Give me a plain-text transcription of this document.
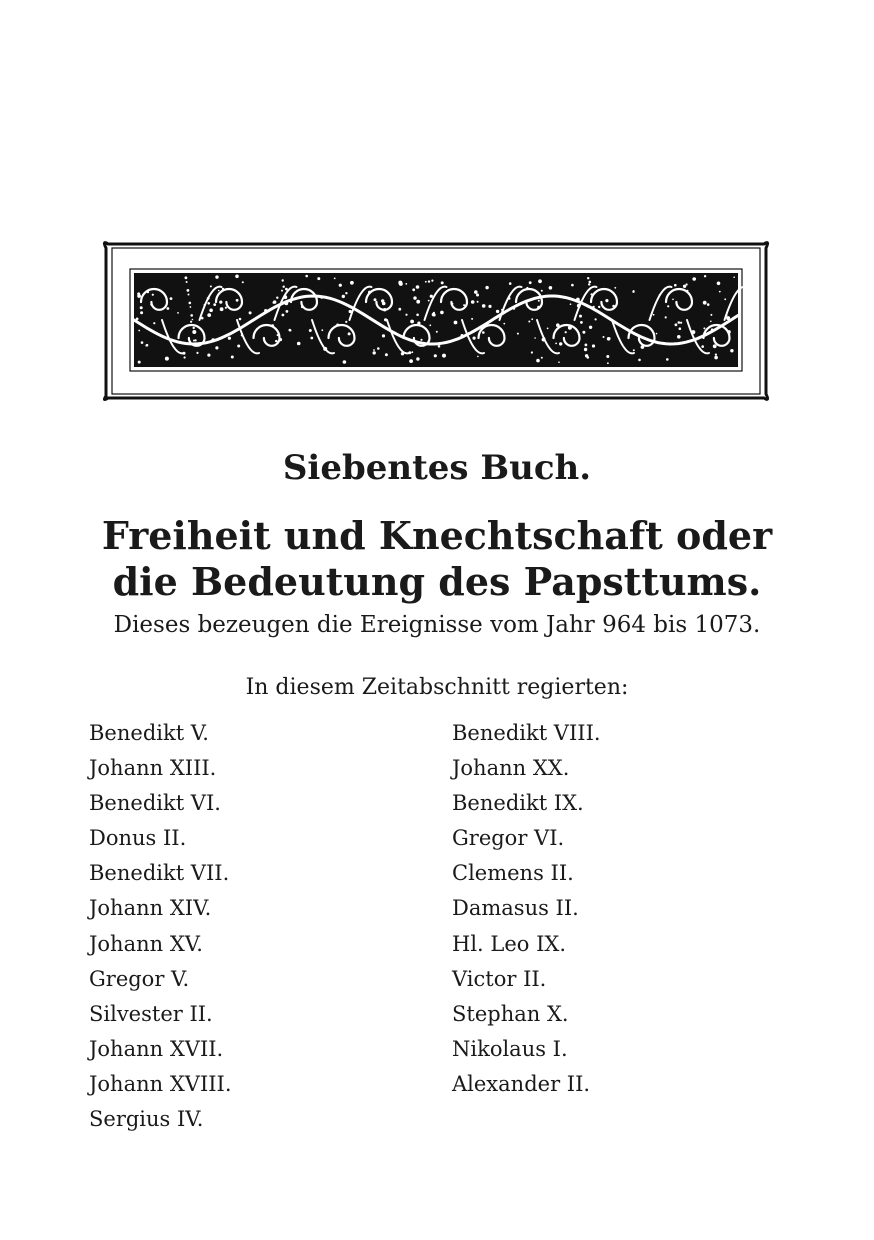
Siebentes Buch.
Freiheit und Knechtschaft oder
die Bedeutung des Papsttums.
Dieses bezeugen die Ereignisse vom Jahr 964 bis 1073.
In diesem Zeitabschnitt regierten:
Benedikt V.
Johann XIII.
Benedikt VI.
Donus II.
Benedikt VII.
Johann XIV.
Johann XV.
Gregor V.
Silvester II.
Johann XVII.
Johann XVIII.
Sergius IV.
Benedikt VIII.
Johann XX.
Benedikt IX.
Gregor VI.
Clemens II.
Damasus II.
Hl. Leo IX.
Victor II.
Stephan X.
Nikolaus I.
Alexander II.
